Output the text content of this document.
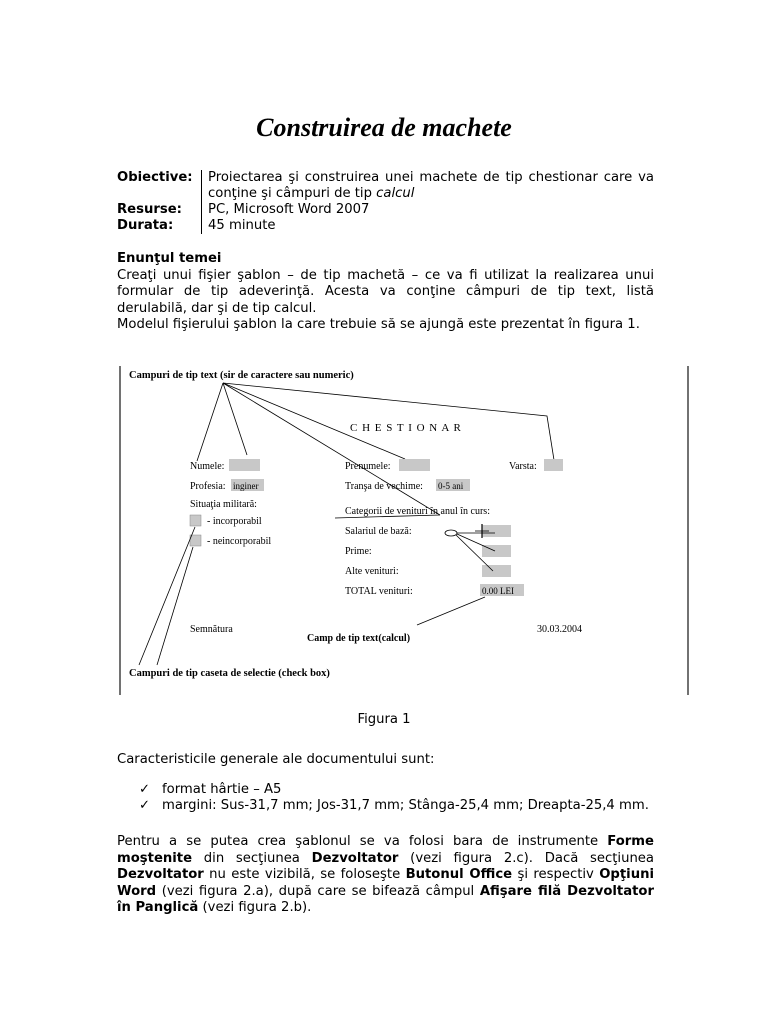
Construirea de machete
Obiective:	Proiectarea şi construirea unei machete de tip chestionar care va conţine şi câmpuri de tip calcul
Resurse:	PC, Microsoft Word 2007
Durata:	45 minute
Enunţul temei

Creaţi unui fişier şablon – de tip machetă – ce va fi utilizat la realizarea unui formular de tip adeverinţă. Acesta va conţine câmpuri de tip text, listă derulabilă, dar şi de tip calcul.

Modelul fişierului şablon la care trebuie să se ajungă este prezentat în figura 1.

Campuri de tip text (sir de caractere sau numeric)
C H E S T I O N A R
Numele:	Prenumele:	Varsta:
Profesia: inginer	Tranşa de vechime: 0-5 ani
Situaţia militară:
- incorporabil
- neincorporabil
Categorii de venituri în anul în curs:
Salariul de bază:
Prime:
Alte venituri:
TOTAL venituri:	0.00 LEI
Camp de tip text(calcul)
Semnătura	30.03.2004
Campuri de tip caseta de selectie (check box)
Figura 1
Caracteristicile generale ale documentului sunt:
✓ format hârtie – A5
✓ margini: Sus-31,7 mm; Jos-31,7 mm; Stânga-25,4 mm; Dreapta-25,4 mm.
Pentru a se putea crea şablonul se va folosi bara de instrumente Forme moştenite din secţiunea Dezvoltator (vezi figura 2.c). Dacă secţiunea Dezvoltator nu este vizibilă, se foloseşte Butonul Office şi respectiv Opţiuni Word (vezi figura 2.a), după care se bifează câmpul Afişare filă Dezvoltator în Panglică (vezi figura 2.b).
